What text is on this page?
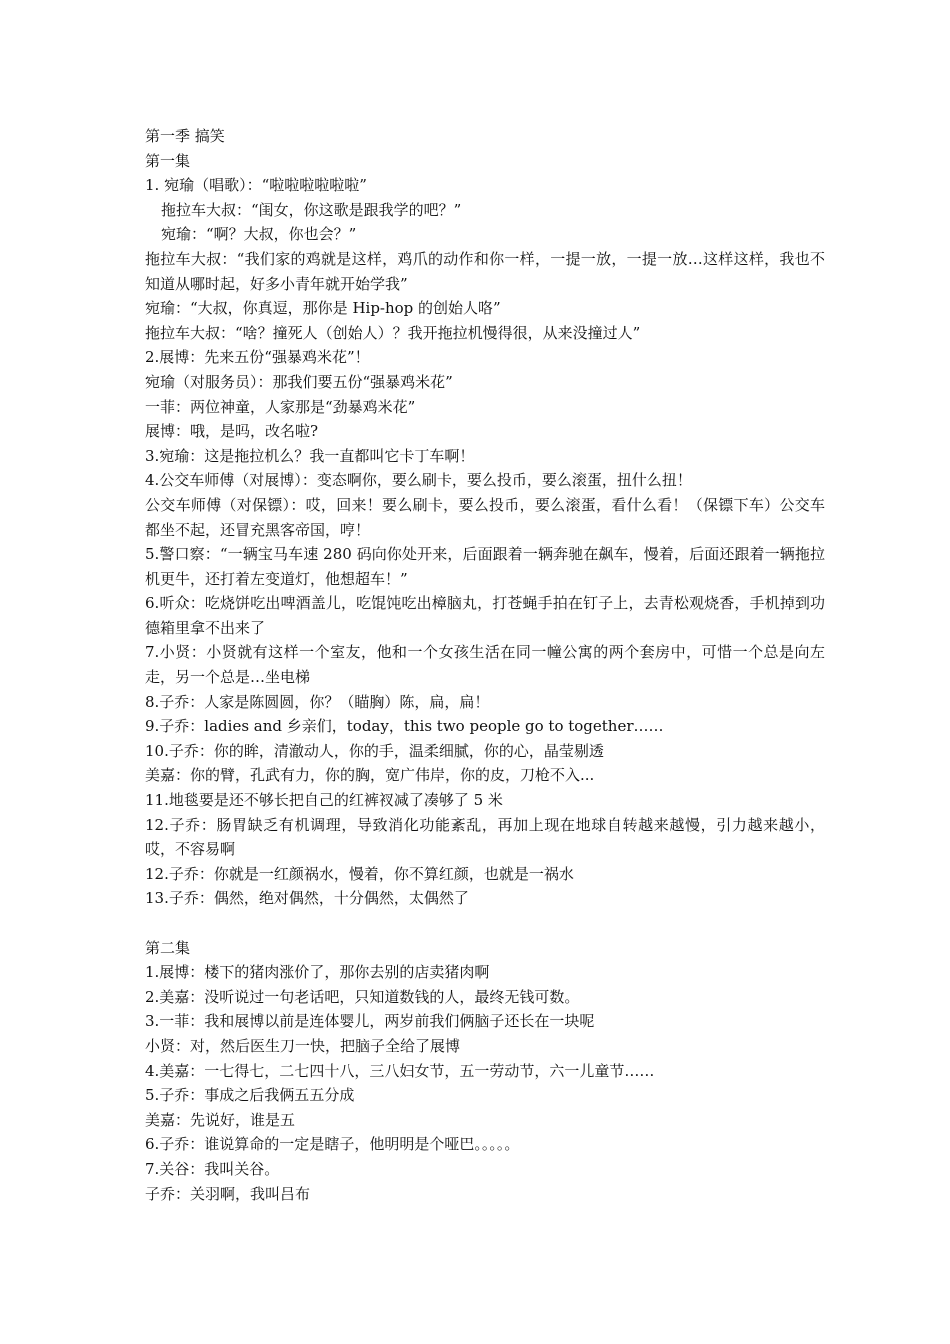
第一季 搞笑

第一集

1. 宛瑜（唱歌）：“啦啦啦啦啦啦”

拖拉车大叔：“闺女，你这歌是跟我学的吧？”

宛瑜：“啊？大叔，你也会？”

拖拉车大叔：“我们家的鸡就是这样，鸡爪的动作和你一样，一提一放，一提一放…这样这样，我也不知道从哪时起，好多小青年就开始学我”

宛瑜：“大叔，你真逗，那你是 Hip-hop 的创始人咯”

拖拉车大叔：“啥？撞死人（创始人）？我开拖拉机慢得很，从来没撞过人”

2.展博：先来五份“强暴鸡米花”！

宛瑜（对服务员）：那我们要五份“强暴鸡米花”

一菲：两位神童，人家那是“劲暴鸡米花”

展博：哦，是吗，改名啦?

3.宛瑜：这是拖拉机么？我一直都叫它卡丁车啊！

4.公交车师傅（对展博）：变态啊你，要么刷卡，要么投币，要么滚蛋，扭什么扭！

公交车师傅（对保镖）：哎，回来！要么刷卡，要么投币，要么滚蛋，看什么看！（保镖下车）公交车都坐不起，还冒充黑客帝国，哼！

5.警口察：“一辆宝马车速 280 码向你处开来，后面跟着一辆奔驰在飙车，慢着，后面还跟着一辆拖拉机更牛，还打着左变道灯，他想超车！”

6.听众：吃烧饼吃出啤酒盖儿，吃馄饨吃出樟脑丸，打苍蝇手拍在钉子上，去青松观烧香，手机掉到功德箱里拿不出来了

7.小贤：小贤就有这样一个室友，他和一个女孩生活在同一幢公寓的两个套房中，可惜一个总是向左走，另一个总是…坐电梯

8.子乔：人家是陈圆圆，你？（瞄胸）陈，扁，扁！

9.子乔：ladies and 乡亲们，today，this two people go to together……

10.子乔：你的眸，清澈动人，你的手，温柔细腻，你的心，晶莹剔透

美嘉：你的臂，孔武有力，你的胸，宽广伟岸，你的皮，刀枪不入...

11.地毯要是还不够长把自己的红裤衩减了凑够了 5 米

12.子乔：肠胃缺乏有机调理，导致消化功能紊乱，再加上现在地球自转越来越慢，引力越来越小，哎，不容易啊

12.子乔：你就是一红颜祸水，慢着，你不算红颜，也就是一祸水

13.子乔：偶然，绝对偶然，十分偶然，太偶然了

第二集

1.展博：楼下的猪肉涨价了，那你去别的店卖猪肉啊

2.美嘉：没听说过一句老话吧，只知道数钱的人，最终无钱可数。

3.一菲：我和展博以前是连体婴儿，两岁前我们俩脑子还长在一块呢

小贤：对，然后医生刀一快，把脑子全给了展博

4.美嘉：一七得七，二七四十八，三八妇女节，五一劳动节，六一儿童节……

5.子乔：事成之后我俩五五分成

美嘉：先说好，谁是五

6.子乔：谁说算命的一定是瞎子，他明明是个哑巴。。。。。

7.关谷：我叫关谷。

子乔：关羽啊，我叫吕布
